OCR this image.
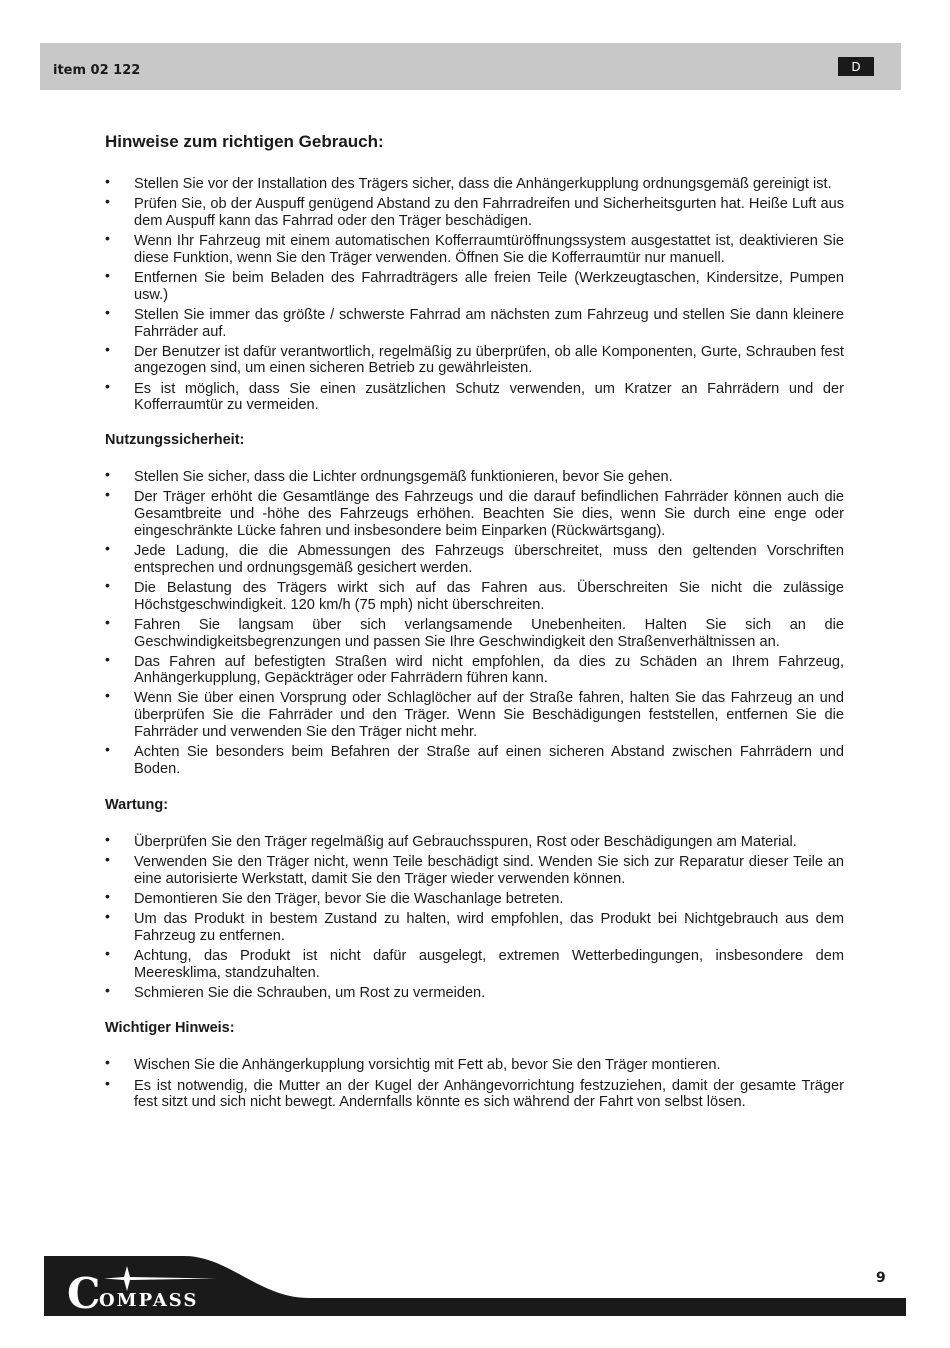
item 02 122	D
Hinweise zum richtigen Gebrauch:
• Stellen Sie vor der Installation des Trägers sicher, dass die Anhängerkupplung ordnungsgemäß gereinigt ist.
• Prüfen Sie, ob der Auspuff genügend Abstand zu den Fahrradreifen und Sicherheitsgurten hat. Heiße Luft aus dem Auspuff kann das Fahrrad oder den Träger beschädigen.
• Wenn Ihr Fahrzeug mit einem automatischen Kofferraumtüröffnungssystem ausgestattet ist, deaktivieren Sie diese Funktion, wenn Sie den Träger verwenden. Öffnen Sie die Kofferraumtür nur manuell.
• Entfernen Sie beim Beladen des Fahrradträgers alle freien Teile (Werkzeugtaschen, Kindersitze, Pumpen usw.)
• Stellen Sie immer das größte / schwerste Fahrrad am nächsten zum Fahrzeug und stellen Sie dann kleinere Fahrräder auf.
• Der Benutzer ist dafür verantwortlich, regelmäßig zu überprüfen, ob alle Komponenten, Gurte, Schrauben fest angezogen sind, um einen sicheren Betrieb zu gewährleisten.
• Es ist möglich, dass Sie einen zusätzlichen Schutz verwenden, um Kratzer an Fahrrädern und der Kofferraumtür zu vermeiden.
Nutzungssicherheit:
• Stellen Sie sicher, dass die Lichter ordnungsgemäß funktionieren, bevor Sie gehen.
• Der Träger erhöht die Gesamtlänge des Fahrzeugs und die darauf befindlichen Fahrräder können auch die Gesamtbreite und -höhe des Fahrzeugs erhöhen. Beachten Sie dies, wenn Sie durch eine enge oder eingeschränkte Lücke fahren und insbesondere beim Einparken (Rückwärtsgang).
• Jede Ladung, die die Abmessungen des Fahrzeugs überschreitet, muss den geltenden Vorschriften entsprechen und ordnungsgemäß gesichert werden.
• Die Belastung des Trägers wirkt sich auf das Fahren aus. Überschreiten Sie nicht die zulässige Höchstgeschwindigkeit. 120 km/h (75 mph) nicht überschreiten.
• Fahren Sie langsam über sich verlangsamende Unebenheiten. Halten Sie sich an die Geschwindigkeitsbegrenzungen und passen Sie Ihre Geschwindigkeit den Straßenverhältnissen an.
• Das Fahren auf befestigten Straßen wird nicht empfohlen, da dies zu Schäden an Ihrem Fahrzeug, Anhängerkupplung, Gepäckträger oder Fahrrädern führen kann.
• Wenn Sie über einen Vorsprung oder Schlaglöcher auf der Straße fahren, halten Sie das Fahrzeug an und überprüfen Sie die Fahrräder und den Träger. Wenn Sie Beschädigungen feststellen, entfernen Sie die Fahrräder und verwenden Sie den Träger nicht mehr.
• Achten Sie besonders beim Befahren der Straße auf einen sicheren Abstand zwischen Fahrrädern und Boden.
Wartung:
• Überprüfen Sie den Träger regelmäßig auf Gebrauchsspuren, Rost oder Beschädigungen am Material.
• Verwenden Sie den Träger nicht, wenn Teile beschädigt sind. Wenden Sie sich zur Reparatur dieser Teile an eine autorisierte Werkstatt, damit Sie den Träger wieder verwenden können.
• Demontieren Sie den Träger, bevor Sie die Waschanlage betreten.
• Um das Produkt in bestem Zustand zu halten, wird empfohlen, das Produkt bei Nichtgebrauch aus dem Fahrzeug zu entfernen.
• Achtung, das Produkt ist nicht dafür ausgelegt, extremen Wetterbedingungen, insbesondere dem Meeresklima, standzuhalten.
• Schmieren Sie die Schrauben, um Rost zu vermeiden.
Wichtiger Hinweis:
• Wischen Sie die Anhängerkupplung vorsichtig mit Fett ab, bevor Sie den Träger montieren.
• Es ist notwendig, die Mutter an der Kugel der Anhängevorrichtung festzuziehen, damit der gesamte Träger fest sitzt und sich nicht bewegt. Andernfalls könnte es sich während der Fahrt von selbst lösen.
C
OMPASS
9
